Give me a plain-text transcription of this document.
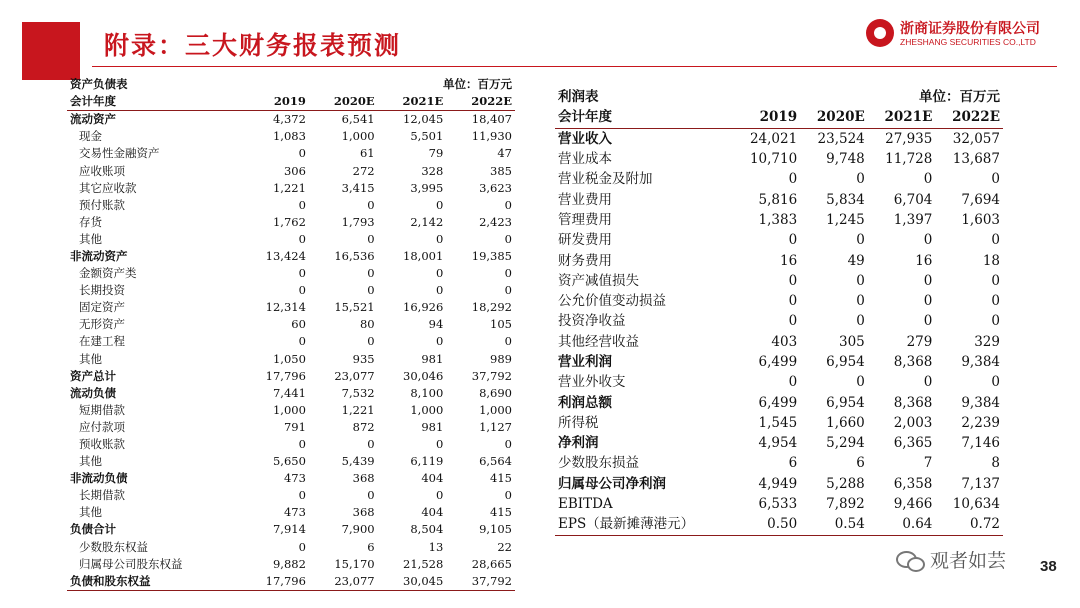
附录：三大财务报表预测
浙商证券股份有限公司
ZHESHANG SECURITIES CO.,LTD
资产负债表			单位：百万元	
会计年度	2019	2020E	2021E	2022E
流动资产	4,372	6,541	12,045	18,407
现金	1,083	1,000	5,501	11,930
交易性金融资产	0	61	79	47
应收账项	306	272	328	385
其它应收款	1,221	3,415	3,995	3,623
预付账款	0	0	0	0
存货	1,762	1,793	2,142	2,423
其他	0	0	0	0
非流动资产	13,424	16,536	18,001	19,385
金额资产类	0	0	0	0
长期投资	0	0	0	0
固定资产	12,314	15,521	16,926	18,292
无形资产	60	80	94	105
在建工程	0	0	0	0
其他	1,050	935	981	989
资产总计	17,796	23,077	30,046	37,792
流动负债	7,441	7,532	8,100	8,690
短期借款	1,000	1,221	1,000	1,000
应付款项	791	872	981	1,127
预收账款	0	0	0	0
其他	5,650	5,439	6,119	6,564
非流动负债	473	368	404	415
长期借款	0	0	0	0
其他	473	368	404	415
负债合计	7,914	7,900	8,504	9,105
少数股东权益	0	6	13	22
归属母公司股东权益	9,882	15,170	21,528	28,665
负债和股东权益	17,796	23,077	30,045	37,792
利润表			单位：百万元	
会计年度	2019	2020E	2021E	2022E
营业收入	24,021	23,524	27,935	32,057
营业成本	10,710	9,748	11,728	13,687
营业税金及附加	0	0	0	0
营业费用	5,816	5,834	6,704	7,694
管理费用	1,383	1,245	1,397	1,603
研发费用	0	0	0	0
财务费用	16	49	16	18
资产减值损失	0	0	0	0
公允价值变动损益	0	0	0	0
投资净收益	0	0	0	0
其他经营收益	403	305	279	329
营业利润	6,499	6,954	8,368	9,384
营业外收支	0	0	0	0
利润总额	6,499	6,954	8,368	9,384
所得税	1,545	1,660	2,003	2,239
净利润	4,954	5,294	6,365	7,146
少数股东损益	6	6	7	8
归属母公司净利润	4,949	5,288	6,358	7,137
EBITDA	6,533	7,892	9,466	10,634
EPS（最新摊薄港元）	0.50	0.54	0.64	0.72
观者如芸 38
